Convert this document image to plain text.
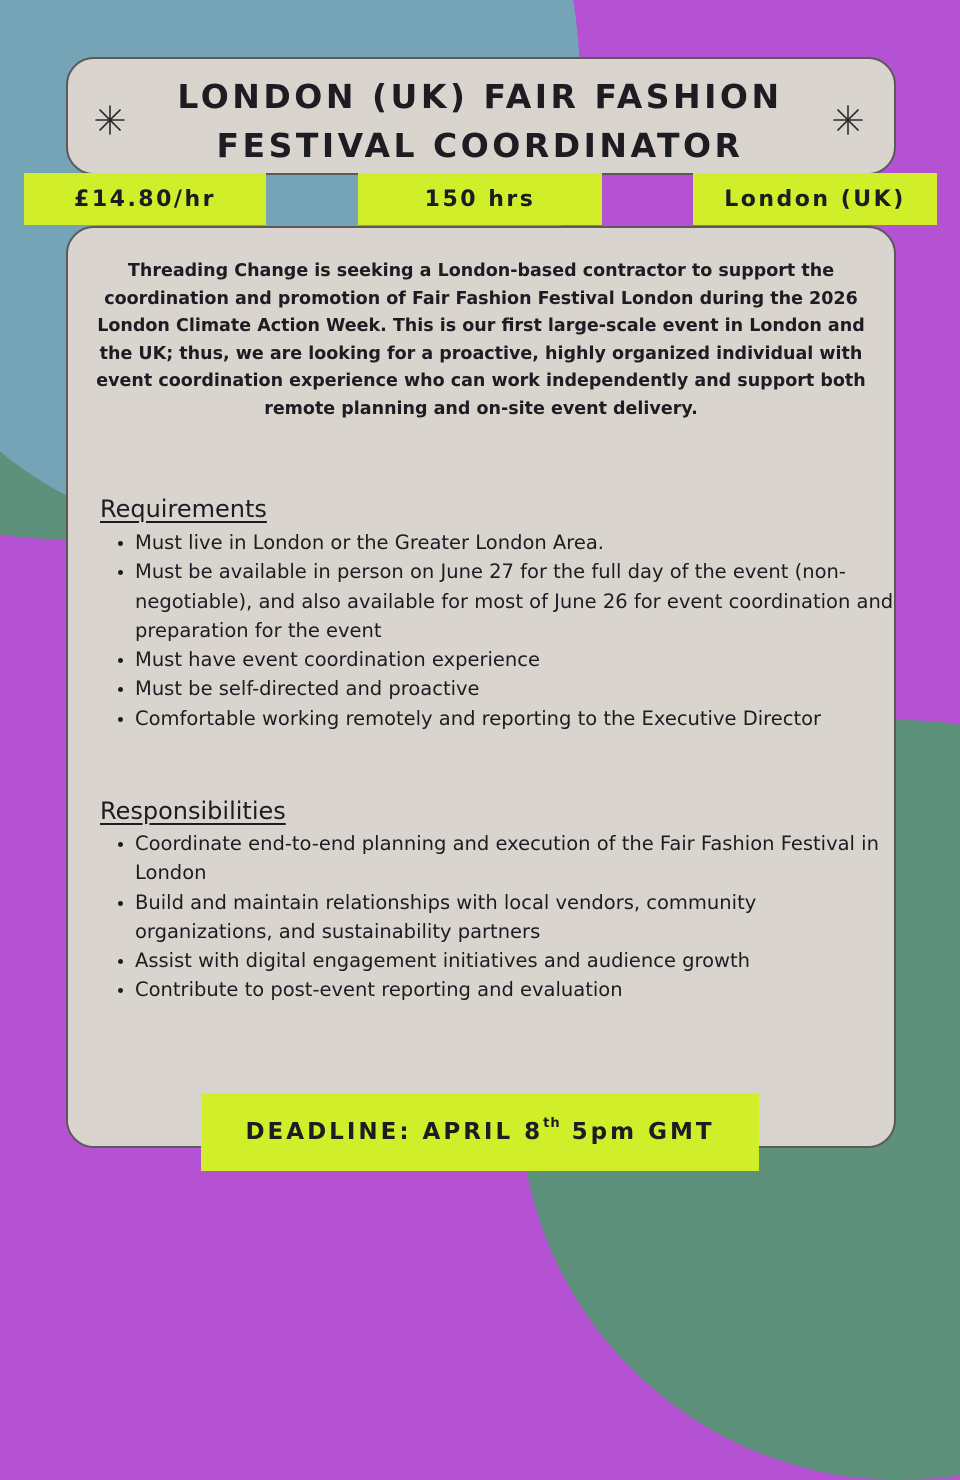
LONDON (UK) FAIR FASHION FESTIVAL COORDINATOR
£14.80/hr	150 hrs	London (UK)

Threading Change is seeking a London-based contractor to support the coordination and promotion of Fair Fashion Festival London during the 2026 London Climate Action Week. This is our first large-scale event in London and the UK; thus, we are looking for a proactive, highly organized individual with event coordination experience who can work independently and support both remote planning and on-site event delivery.

Requirements
• Must live in London or the Greater London Area.
• Must be available in person on June 27 for the full day of the event (non-negotiable), and also available for most of June 26 for event coordination and preparation for the event
• Must have event coordination experience
• Must be self-directed and proactive
• Comfortable working remotely and reporting to the Executive Director
Responsibilities
• Coordinate end-to-end planning and execution of the Fair Fashion Festival in London
• Build and maintain relationships with local vendors, community organizations, and sustainability partners
• Assist with digital engagement initiatives and audience growth
• Contribute to post-event reporting and evaluation
DEADLINE: APRIL 8th 5pm GMT
